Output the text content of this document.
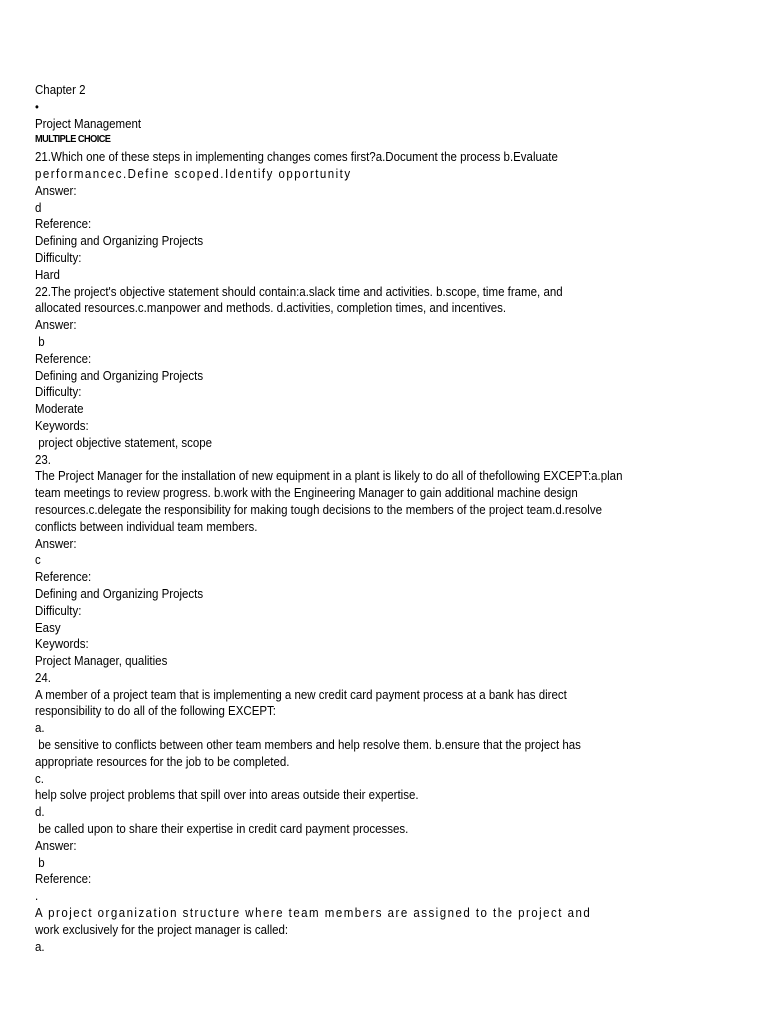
Chapter 2

•

Project Management

MULTIPLE CHOICE

21.Which one of these steps in implementing changes comes first?a.Document the process b.Evaluate

performancec.Define scoped.Identify opportunity

Answer:

d

Reference:

Defining and Organizing Projects

Difficulty:

Hard

22.The project's objective statement should contain:a.slack time and activities. b.scope, time frame, and

allocated resources.c.manpower and methods. d.activities, completion times, and incentives.

Answer:

b

Reference:

Defining and Organizing Projects

Difficulty:

Moderate

Keywords:

project objective statement, scope

23.

The Project Manager for the installation of new equipment in a plant is likely to do all of thefollowing EXCEPT:a.plan

team meetings to review progress. b.work with the Engineering Manager to gain additional machine design

resources.c.delegate the responsibility for making tough decisions to the members of the project team.d.resolve

conflicts between individual team members.

Answer:

c

Reference:

Defining and Organizing Projects

Difficulty:

Easy

Keywords:

Project Manager, qualities

24.

A member of a project team that is implementing a new credit card payment process at a bank has direct

responsibility to do all of the following EXCEPT:

a.

be sensitive to conflicts between other team members and help resolve them. b.ensure that the project has

appropriate resources for the job to be completed.

c.

help solve project problems that spill over into areas outside their expertise.

d.

be called upon to share their expertise in credit card payment processes.

Answer:

b

Reference:

.

A project organization structure where team members are assigned to the project and

work exclusively for the project manager is called:

a.
